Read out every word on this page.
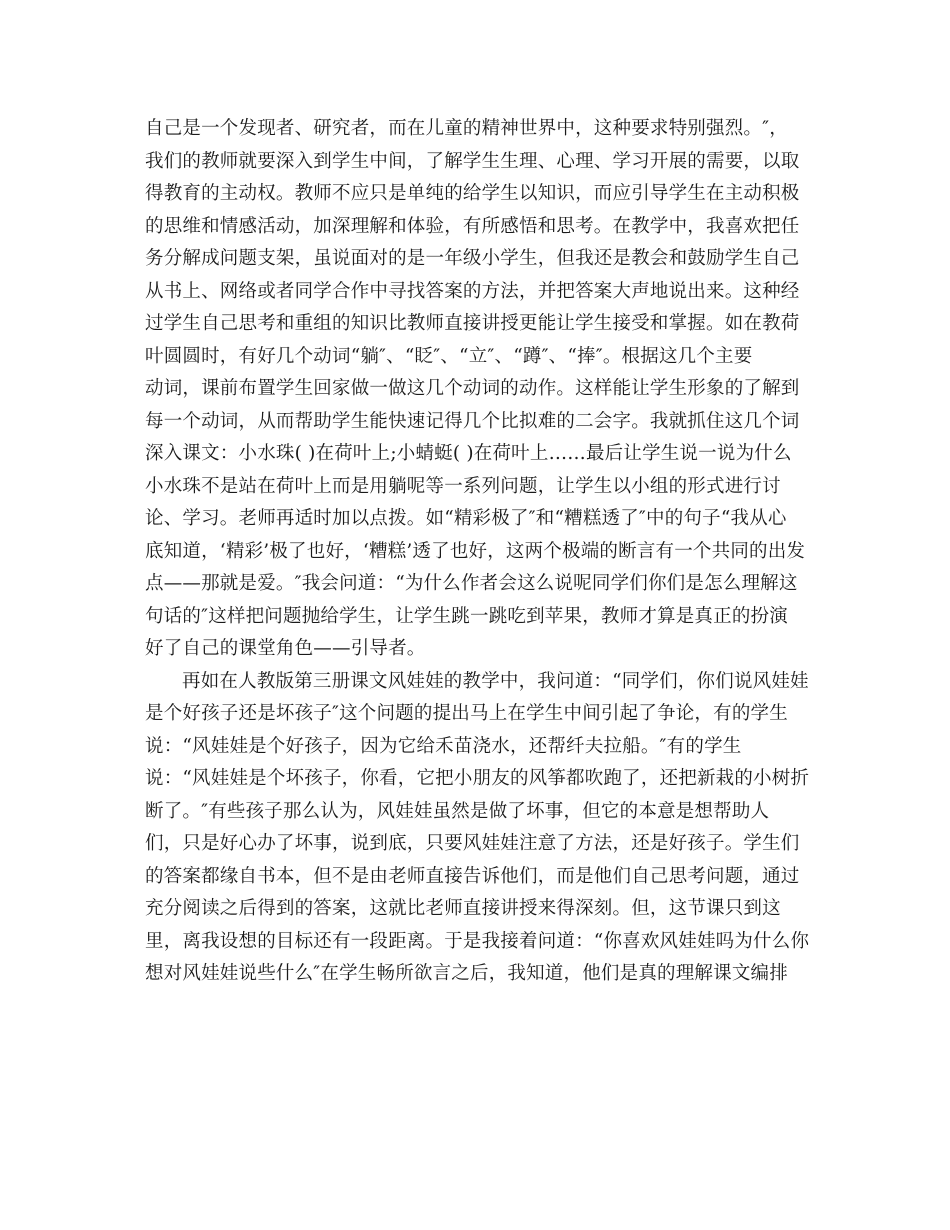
自己是一个发现者、研究者，而在儿童的精神世界中，这种要求特别强烈。″，
我们的教师就要深入到学生中间，了解学生生理、心理、学习开展的需要，以取
得教育的主动权。教师不应只是单纯的给学生以知识，而应引导学生在主动积极
的思维和情感活动，加深理解和体验，有所感悟和思考。在教学中，我喜欢把任
务分解成问题支架，虽说面对的是一年级小学生，但我还是教会和鼓励学生自己
从书上、网络或者同学合作中寻找答案的方法，并把答案大声地说出来。这种经
过学生自己思考和重组的知识比教师直接讲授更能让学生接受和掌握。如在教荷
叶圆圆时，有好几个动词“躺″、“眨″、“立″、“蹲″、“捧″。根据这几个主要
动词，课前布置学生回家做一做这几个动词的动作。这样能让学生形象的了解到
每一个动词，从而帮助学生能快速记得几个比拟难的二会字。我就抓住这几个词
深入课文：小水珠( )在荷叶上;小蜻蜓( )在荷叶上……最后让学生说一说为什么
小水珠不是站在荷叶上而是用躺呢等一系列问题，让学生以小组的形式进行讨
论、学习。老师再适时加以点拨。如“精彩极了″和“糟糕透了″中的句子“我从心
底知道，‘精彩’极了也好，‘糟糕’透了也好，这两个极端的断言有一个共同的出发
点——那就是爱。″我会问道：“为什么作者会这么说呢同学们你们是怎么理解这
句话的″这样把问题抛给学生，让学生跳一跳吃到苹果，教师才算是真正的扮演
好了自己的课堂角色——引导者。
再如在人教版第三册课文风娃娃的教学中，我问道：“同学们，你们说风娃娃
是个好孩子还是坏孩子″这个问题的提出马上在学生中间引起了争论，有的学生
说：“风娃娃是个好孩子，因为它给禾苗浇水，还帮纤夫拉船。″有的学生
说：“风娃娃是个坏孩子，你看，它把小朋友的风筝都吹跑了，还把新栽的小树折
断了。″有些孩子那么认为，风娃娃虽然是做了坏事，但它的本意是想帮助人
们，只是好心办了坏事，说到底，只要风娃娃注意了方法，还是好孩子。学生们
的答案都缘自书本，但不是由老师直接告诉他们，而是他们自己思考问题，通过
充分阅读之后得到的答案，这就比老师直接讲授来得深刻。但，这节课只到这
里，离我设想的目标还有一段距离。于是我接着问道：“你喜欢风娃娃吗为什么你
想对风娃娃说些什么″在学生畅所欲言之后，我知道，他们是真的理解课文编排
